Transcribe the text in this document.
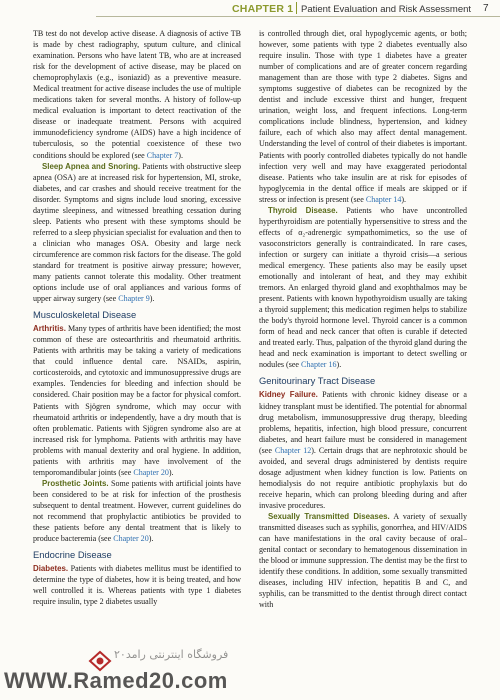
CHAPTER 1 Patient Evaluation and Risk Assessment 7

TB test do not develop active disease. A diagnosis of active TB is made by chest radiography, sputum culture, and clinical examination. Persons who have latent TB, who are at increased risk for the development of active disease, may be placed on chemoprophylaxis (e.g., isoniazid) as a preventive measure. Medical treatment for active disease includes the use of multiple medications taken for several months. A history of follow-up medical evaluation is important to detect reactivation of the disease or inadequate treatment. Persons with acquired immunodeficiency syndrome (AIDS) have a high incidence of tuberculosis, so the potential coexistence of these two conditions should be explored (see Chapter 7).

Sleep Apnea and Snoring. Patients with obstructive sleep apnea (OSA) are at increased risk for hypertension, MI, stroke, diabetes, and car crashes and should receive treatment for the disorder. Symptoms and signs include loud snoring, excessive daytime sleepiness, and witnessed breathing cessation during sleep. Patients who present with these symptoms should be referred to a sleep physician specialist for evaluation and then to a clinician who manages OSA. Obesity and large neck circumference are common risk factors for the disease. The gold standard for treatment is positive airway pressure; however, many patients cannot tolerate this modality. Other treatment options include use of oral appliances and various forms of upper airway surgery (see Chapter 9).

Musculoskeletal Disease

Arthritis. Many types of arthritis have been identified; the most common of these are osteoarthritis and rheumatoid arthritis. Patients with arthritis may be taking a variety of medications that could influence dental care. NSAIDs, aspirin, corticosteroids, and cytotoxic and immunosuppressive drugs are examples. Tendencies for bleeding and infection should be considered. Chair position may be a factor for physical comfort. Patients with Sjögren syndrome, which may occur with rheumatoid arthritis or independently, have a dry mouth that is often problematic. Patients with Sjögren syndrome also are at increased risk for lymphoma. Patients with arthritis may have problems with manual dexterity and oral hygiene. In addition, patients with arthritis may have involvement of the temporomandibular joints (see Chapter 20).

Prosthetic Joints. Some patients with artificial joints have been considered to be at risk for infection of the prosthesis subsequent to dental treatment. However, current guidelines do not recommend that prophylactic antibiotics be provided to these patients before any dental treatment that is likely to produce bacteremia (see Chapter 20).

Endocrine Disease

Diabetes. Patients with diabetes mellitus must be identified to determine the type of diabetes, how it is being treated, and how well controlled it is. Whereas patients with type 1 diabetes require insulin, type 2 diabetes usually

is controlled through diet, oral hypoglycemic agents, or both; however, some patients with type 2 diabetes eventually also require insulin. Those with type 1 diabetes have a greater number of complications and are of greater concern regarding management than are those with type 2 diabetes. Signs and symptoms suggestive of diabetes can be recognized by the dentist and include excessive thirst and hunger, frequent urination, weight loss, and frequent infections. Long-term complications include blindness, hypertension, and kidney failure, each of which also may affect dental management. Understanding the level of control of their diabetes is important. Patients with poorly controlled diabetes typically do not handle infection very well and may have exaggerated periodontal disease. Patients who take insulin are at risk for episodes of hypoglycemia in the dental office if meals are skipped or if stress or infection is present (see Chapter 14).

Thyroid Disease. Patients who have uncontrolled hyperthyroidism are potentially hypersensitive to stress and the effects of α₂-adrenergic sympathomimetics, so the use of vasoconstrictors generally is contraindicated. In rare cases, infection or surgery can initiate a thyroid crisis—a serious medical emergency. These patients also may be easily upset emotionally and intolerant of heat, and they may exhibit tremors. An enlarged thyroid gland and exophthalmos may be present. Patients with known hypothyroidism usually are taking a thyroid supplement; this medication regimen helps to stabilize the body's thyroid hormone level. Thyroid cancer is a common form of head and neck cancer that often is curable if detected and treated early. Thus, palpation of the thyroid gland during the head and neck examination is important to detect swelling or nodules (see Chapter 16).

Genitourinary Tract Disease

Kidney Failure. Patients with chronic kidney disease or a kidney transplant must be identified. The potential for abnormal drug metabolism, immunosuppressive drug therapy, bleeding problems, hepatitis, infection, high blood pressure, concurrent diabetes, and heart failure must be considered in management (see Chapter 12). Certain drugs that are nephrotoxic should be avoided, and several drugs administered by dentists require dosage adjustment when kidney function is low. Patients on hemodialysis do not require antibiotic prophylaxis but do receive heparin, which can prolong bleeding during and after invasive procedures.

Sexually Transmitted Diseases. A variety of sexually transmitted diseases such as syphilis, gonorrhea, and HIV/AIDS can have manifestations in the oral cavity because of oral–genital contact or secondary to hematogenous dissemination in the blood or immune suppression. The dentist may be the first to identify these conditions. In addition, some sexually transmitted diseases, including HIV infection, hepatitis B and C, and syphilis, can be transmitted to the dentist through direct contact with

فروشگاه اینترنتی رامد۲۰
WWW.Ramed20.com
